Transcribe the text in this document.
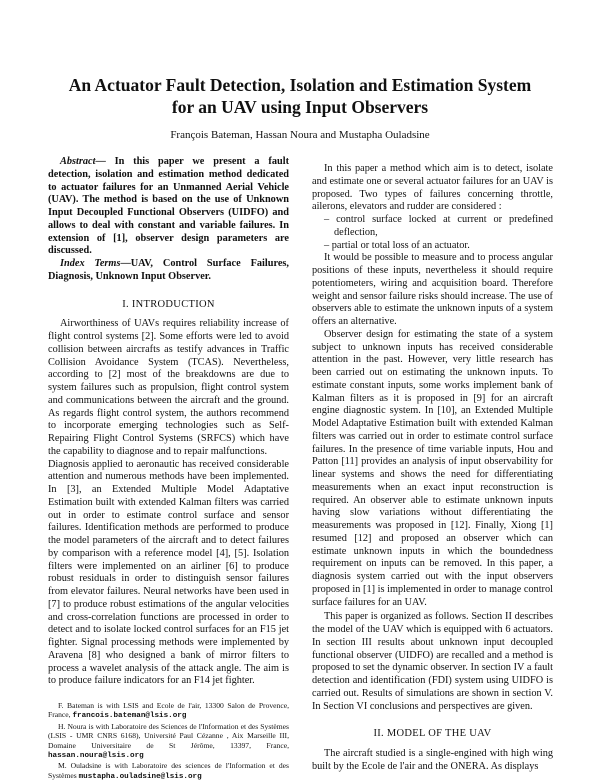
An Actuator Fault Detection, Isolation and Estimation System for an UAV using Input Observers
François Bateman, Hassan Noura and Mustapha Ouladsine

Abstract— In this paper we present a fault detection, isolation and estimation method dedicated to actuator failures for an Unmanned Aerial Vehicle (UAV). The method is based on the use of Unknown Input Decoupled Functional Observers (UIDFO) and allows to deal with constant and variable failures. In extension of [1], observer design parameters are discussed.

Index Terms—UAV, Control Surface Failures, Diagnosis, Unknown Input Observer.

I. INTRODUCTION

Airworthiness of UAVs requires reliability increase of flight control systems [2]. Some efforts were led to avoid collision between aircrafts as testify advances in Traffic Collision Avoidance System (TCAS). Nevertheless, according to [2] most of the breakdowns are due to system failures such as propulsion, flight control system and communications between the aircraft and the ground. As regards flight control system, the authors recommend to incorporate emerging technologies such as Self-Repairing Flight Control Systems (SRFCS) which have the capability to diagnose and to repair malfunctions.

Diagnosis applied to aeronautic has received considerable attention and numerous methods have been implemented. In [3], an Extended Multiple Model Adaptative Estimation built with extended Kalman filters was carried out in order to estimate control surface and sensor failures. Identification methods are performed to produce the model parameters of the aircraft and to detect failures by comparison with a reference model [4], [5]. Isolation filters were implemented on an airliner [6] to produce robust residuals in order to distinguish sensor failures from elevator failures. Neural networks have been used in [7] to produce robust estimations of the angular velocities and cross-correlation functions are processed in order to detect and to isolate locked control surfaces for an F15 jet fighter. Signal processing methods were implemented by Aravena [8] who designed a bank of mirror filters to process a wavelet analysis of the attack angle. The aim is to produce failure indicators for an F14 jet fighter.

F. Bateman is with LSIS and Ecole de l'air, 13300 Salon de Provence, France, francois.bateman@lsis.org

H. Noura is with Laboratoire des Sciences de l'Information et des Systèmes (LSIS - UMR CNRS 6168), Université Paul Cézanne , Aix Marseille III, Domaine Universitaire de St Jérôme, 13397, France, hassan.noura@lsis.org

M. Ouladsine is with Laboratoire des sciences de l'Information et des Systèmes mustapha.ouladsine@lsis.org

In this paper a method which aim is to detect, isolate and estimate one or several actuator failures for an UAV is proposed. Two types of failures concerning throttle, ailerons, elevators and rudder are considered :

– control surface locked at current or predefined deflection,
– partial or total loss of an actuator.

It would be possible to measure and to process angular positions of these inputs, nevertheless it should require potentiometers, wiring and acquisition board. Therefore weight and sensor failure risks should increase. The use of observers able to estimate the unknown inputs of a system offers an alternative.

Observer design for estimating the state of a system subject to unknown inputs has received considerable attention in the past. However, very little research has been carried out on estimating the unknown inputs. To estimate constant inputs, some works implement bank of Kalman filters as it is proposed in [9] for an aircraft engine diagnostic system. In [10], an Extended Multiple Model Adaptative Estimation built with extended Kalman filters was carried out in order to estimate control surface failures. In the presence of time variable inputs, Hou and Patton [11] provides an analysis of input observability for linear systems and shows the need for differentiating measurements when an exact input reconstruction is required. An observer able to estimate unknown inputs having slow variations without differentiating the measurements was proposed in [12]. Finally, Xiong [1] resumed [12] and proposed an observer which can estimate unknown inputs in which the boundedness requirement on inputs can be removed. In this paper, a diagnosis system carried out with the input observers proposed in [1] is implemented in order to manage control surface failures for an UAV.

This paper is organized as follows. Section II describes the model of the UAV which is equipped with 6 actuators. In section III results about unknown input decoupled functional observer (UIDFO) are recalled and a method is proposed to set the dynamic observer. In section IV a fault detection and identification (FDI) system using UIDFO is carried out. Results of simulations are shown in section V. In Section VI conclusions and perspectives are given.

II. MODEL OF THE UAV

The aircraft studied is a single-engined with high wing built by the Ecole de l'air and the ONERA. As displays
